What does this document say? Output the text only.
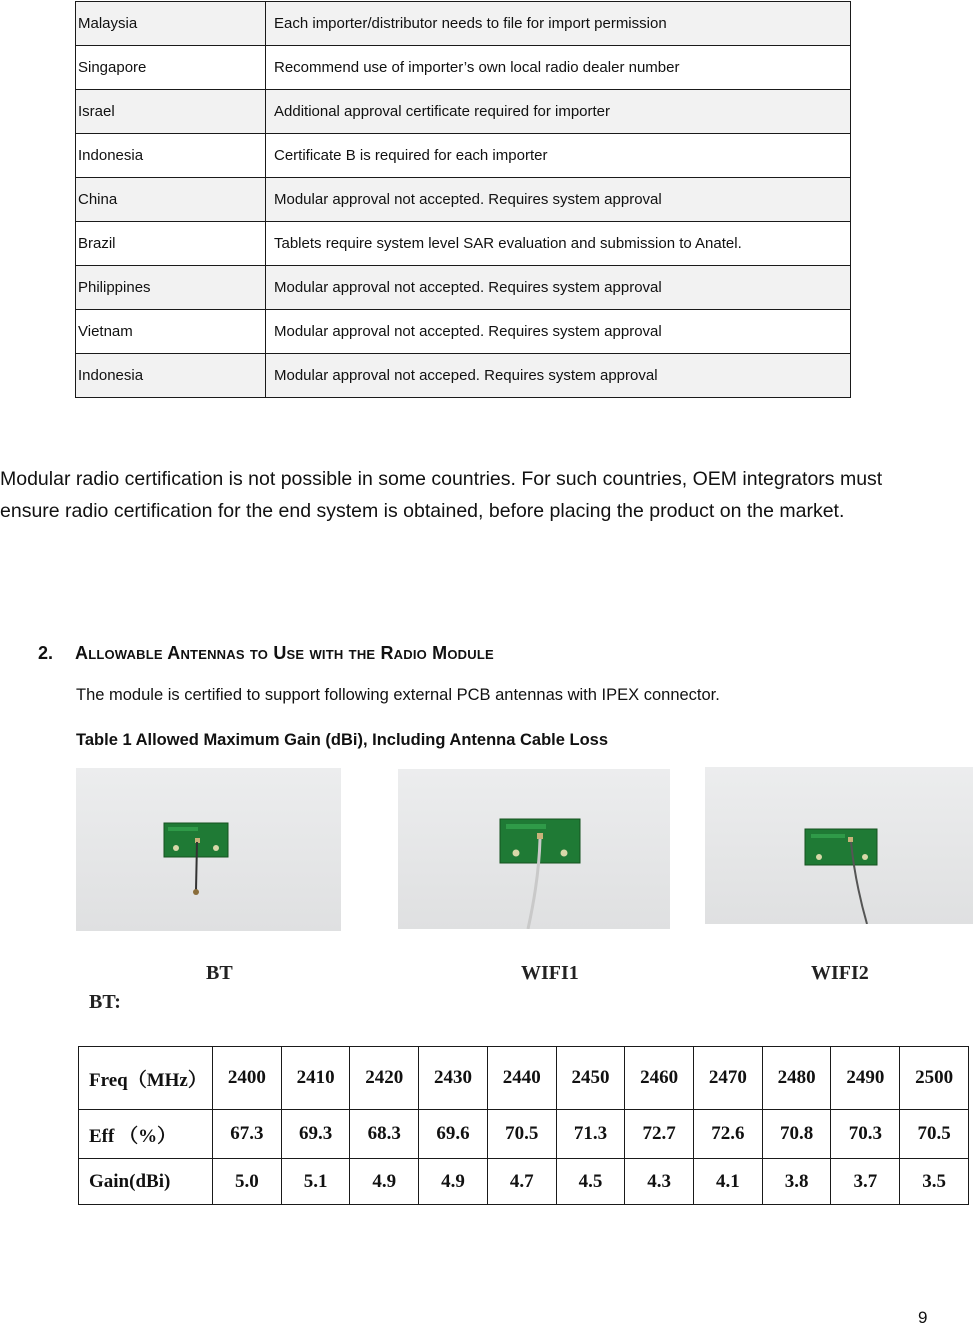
Malaysia	Each importer/distributor needs to file for import permission
Singapore	Recommend use of importer’s own local radio dealer number
Israel	Additional approval certificate required for importer
Indonesia	Certificate B is required for each importer
China	Modular approval not accepted. Requires system approval
Brazil	Tablets require system level SAR evaluation and submission to Anatel.
Philippines	Modular approval not accepted. Requires system approval
Vietnam	Modular approval not accepted. Requires system approval
Indonesia	Modular approval not acceped. Requires system approval

Modular radio certification is not possible in some countries. For such countries, OEM integrators must ensure radio certification for the end system is obtained, before placing the product on the market.

2. Allowable Antennas to Use with the Radio Module

The module is certified to support following external PCB antennas with IPEX connector.

Table 1 Allowed Maximum Gain (dBi), Including Antenna Cable Loss

BT	WIFI1	WIFI2
BT:
Freq（MHz）	2400	2410	2420	2430	2440	2450	2460	2470	2480	2490	2500
Eff （%）	67.3	69.3	68.3	69.6	70.5	71.3	72.7	72.6	70.8	70.3	70.5
Gain(dBi)	5.0	5.1	4.9	4.9	4.7	4.5	4.3	4.1	3.8	3.7	3.5
9
